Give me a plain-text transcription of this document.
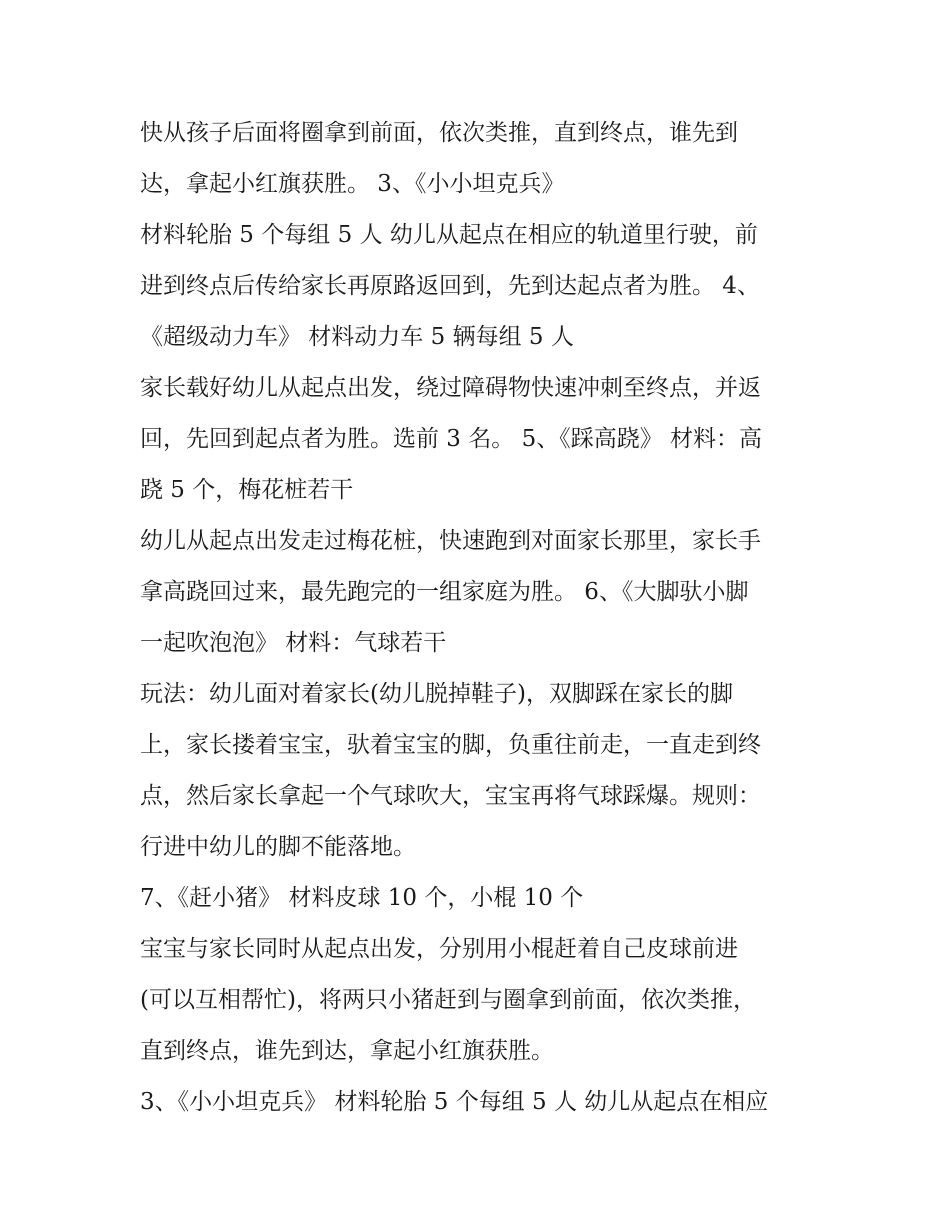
快从孩子后面将圈拿到前面，依次类推，直到终点，谁先到
达，拿起小红旗获胜。 3、《小小坦克兵》
材料轮胎 5 个每组 5 人 幼儿从起点在相应的轨道里行驶，前
进到终点后传给家长再原路返回到，先到达起点者为胜。 4、
《超级动力车》 材料动力车 5 辆每组 5 人
家长载好幼儿从起点出发，绕过障碍物快速冲刺至终点，并返
回，先回到起点者为胜。选前 3 名。 5、《踩高跷》 材料：高
跷 5 个，梅花桩若干
幼儿从起点出发走过梅花桩，快速跑到对面家长那里，家长手
拿高跷回过来，最先跑完的一组家庭为胜。 6、《大脚驮小脚
一起吹泡泡》 材料：气球若干
玩法：幼儿面对着家长(幼儿脱掉鞋子)，双脚踩在家长的脚
上，家长搂着宝宝，驮着宝宝的脚，负重往前走，一直走到终
点，然后家长拿起一个气球吹大，宝宝再将气球踩爆。规则：
行进中幼儿的脚不能落地。
7、《赶小猪》 材料皮球 10 个，小棍 10 个
宝宝与家长同时从起点出发，分别用小棍赶着自己皮球前进
(可以互相帮忙)，将两只小猪赶到与圈拿到前面，依次类推，
直到终点，谁先到达，拿起小红旗获胜。
3、《小小坦克兵》 材料轮胎 5 个每组 5 人 幼儿从起点在相应
